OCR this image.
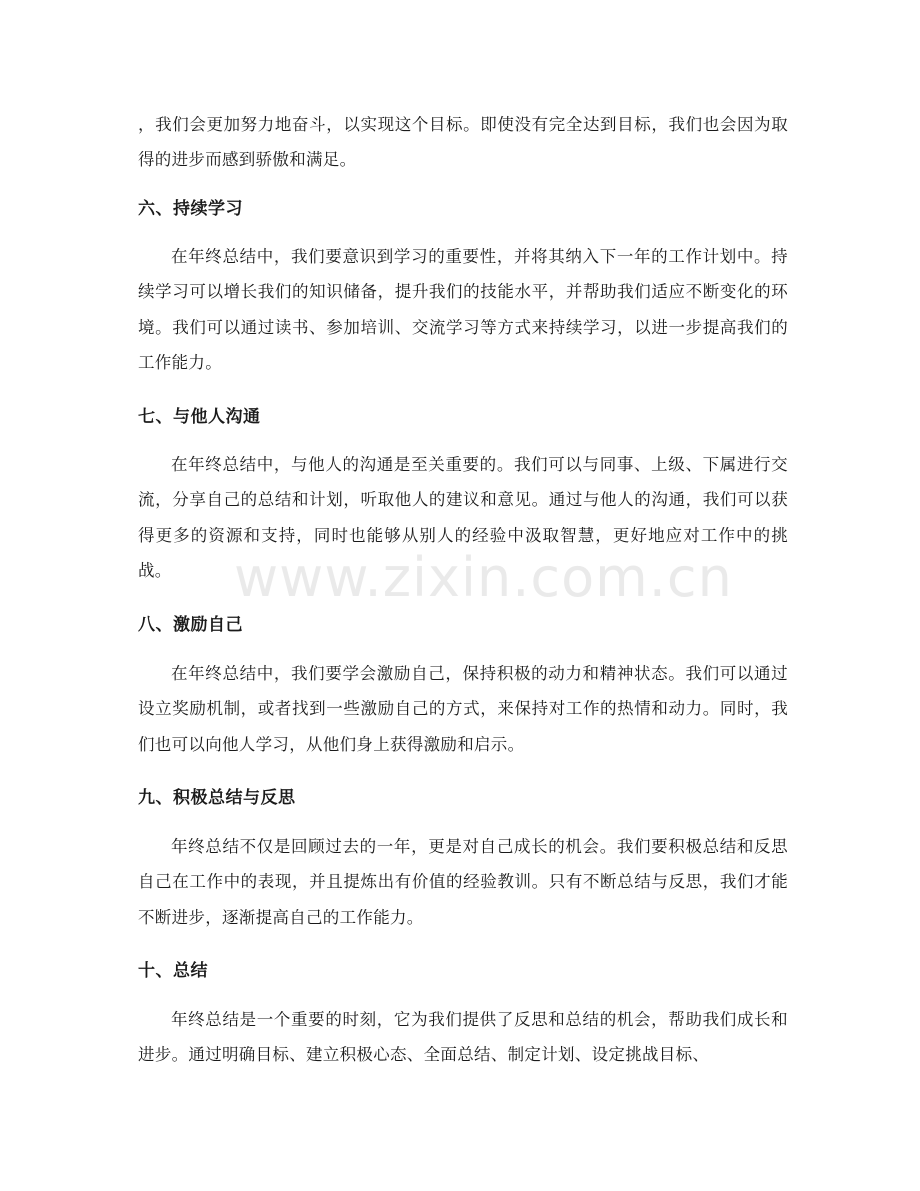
，我们会更加努力地奋斗，以实现这个目标。即使没有完全达到目标，我们也会因为取得的进步而感到骄傲和满足。

六、持续学习

在年终总结中，我们要意识到学习的重要性，并将其纳入下一年的工作计划中。持续学习可以增长我们的知识储备，提升我们的技能水平，并帮助我们适应不断变化的环境。我们可以通过读书、参加培训、交流学习等方式来持续学习，以进一步提高我们的工作能力。

七、与他人沟通

在年终总结中，与他人的沟通是至关重要的。我们可以与同事、上级、下属进行交流，分享自己的总结和计划，听取他人的建议和意见。通过与他人的沟通，我们可以获得更多的资源和支持，同时也能够从别人的经验中汲取智慧，更好地应对工作中的挑战。

八、激励自己

在年终总结中，我们要学会激励自己，保持积极的动力和精神状态。我们可以通过设立奖励机制，或者找到一些激励自己的方式，来保持对工作的热情和动力。同时，我们也可以向他人学习，从他们身上获得激励和启示。

九、积极总结与反思

年终总结不仅是回顾过去的一年，更是对自己成长的机会。我们要积极总结和反思自己在工作中的表现，并且提炼出有价值的经验教训。只有不断总结与反思，我们才能不断进步，逐渐提高自己的工作能力。

十、总结

年终总结是一个重要的时刻，它为我们提供了反思和总结的机会，帮助我们成长和进步。通过明确目标、建立积极心态、全面总结、制定计划、设定挑战目标、

www.zixin.com.cn
